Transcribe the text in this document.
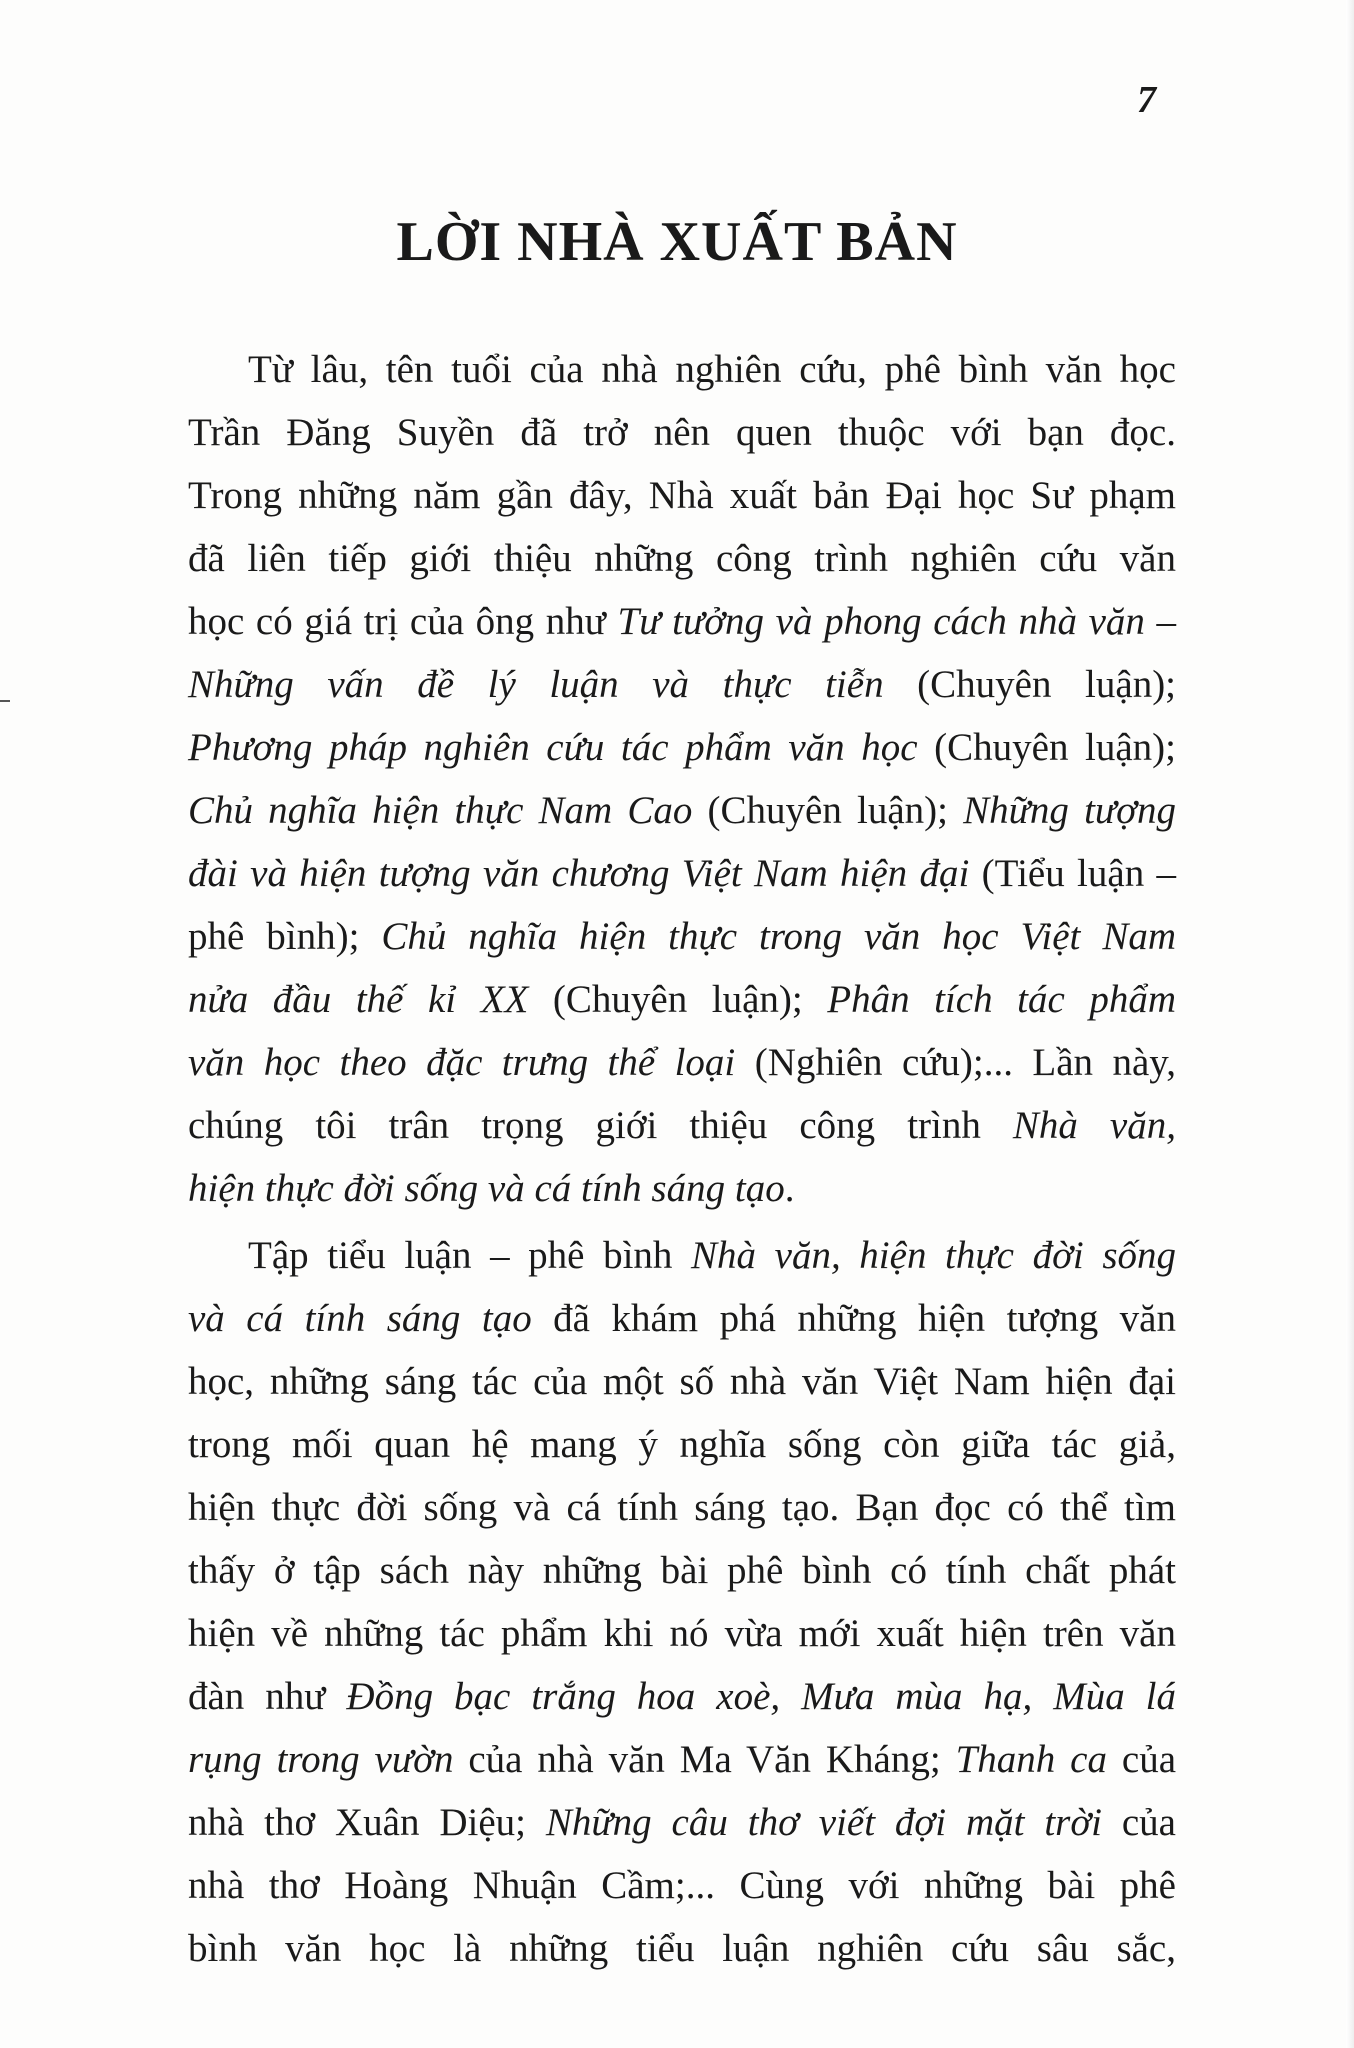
7
LỜI NHÀ XUẤT BẢN
Từ lâu, tên tuổi của nhà nghiên cứu, phê bình văn học
Trần Đăng Suyền đã trở nên quen thuộc với bạn đọc.
Trong những năm gần đây, Nhà xuất bản Đại học Sư phạm
đã liên tiếp giới thiệu những công trình nghiên cứu văn
học có giá trị của ông như Tư tưởng và phong cách nhà văn –
Những vấn đề lý luận và thực tiễn (Chuyên luận);
Phương pháp nghiên cứu tác phẩm văn học (Chuyên luận);
Chủ nghĩa hiện thực Nam Cao (Chuyên luận); Những tượng
đài và hiện tượng văn chương Việt Nam hiện đại (Tiểu luận –
phê bình); Chủ nghĩa hiện thực trong văn học Việt Nam
nửa đầu thế kỉ XX (Chuyên luận); Phân tích tác phẩm
văn học theo đặc trưng thể loại (Nghiên cứu);... Lần này,
chúng tôi trân trọng giới thiệu công trình Nhà văn,
hiện thực đời sống và cá tính sáng tạo.
Tập tiểu luận – phê bình Nhà văn, hiện thực đời sống
và cá tính sáng tạo đã khám phá những hiện tượng văn
học, những sáng tác của một số nhà văn Việt Nam hiện đại
trong mối quan hệ mang ý nghĩa sống còn giữa tác giả,
hiện thực đời sống và cá tính sáng tạo. Bạn đọc có thể tìm
thấy ở tập sách này những bài phê bình có tính chất phát
hiện về những tác phẩm khi nó vừa mới xuất hiện trên văn
đàn như Đồng bạc trắng hoa xoè, Mưa mùa hạ, Mùa lá
rụng trong vườn của nhà văn Ma Văn Kháng; Thanh ca của
nhà thơ Xuân Diệu; Những câu thơ viết đợi mặt trời của
nhà thơ Hoàng Nhuận Cầm;... Cùng với những bài phê
bình văn học là những tiểu luận nghiên cứu sâu sắc,
